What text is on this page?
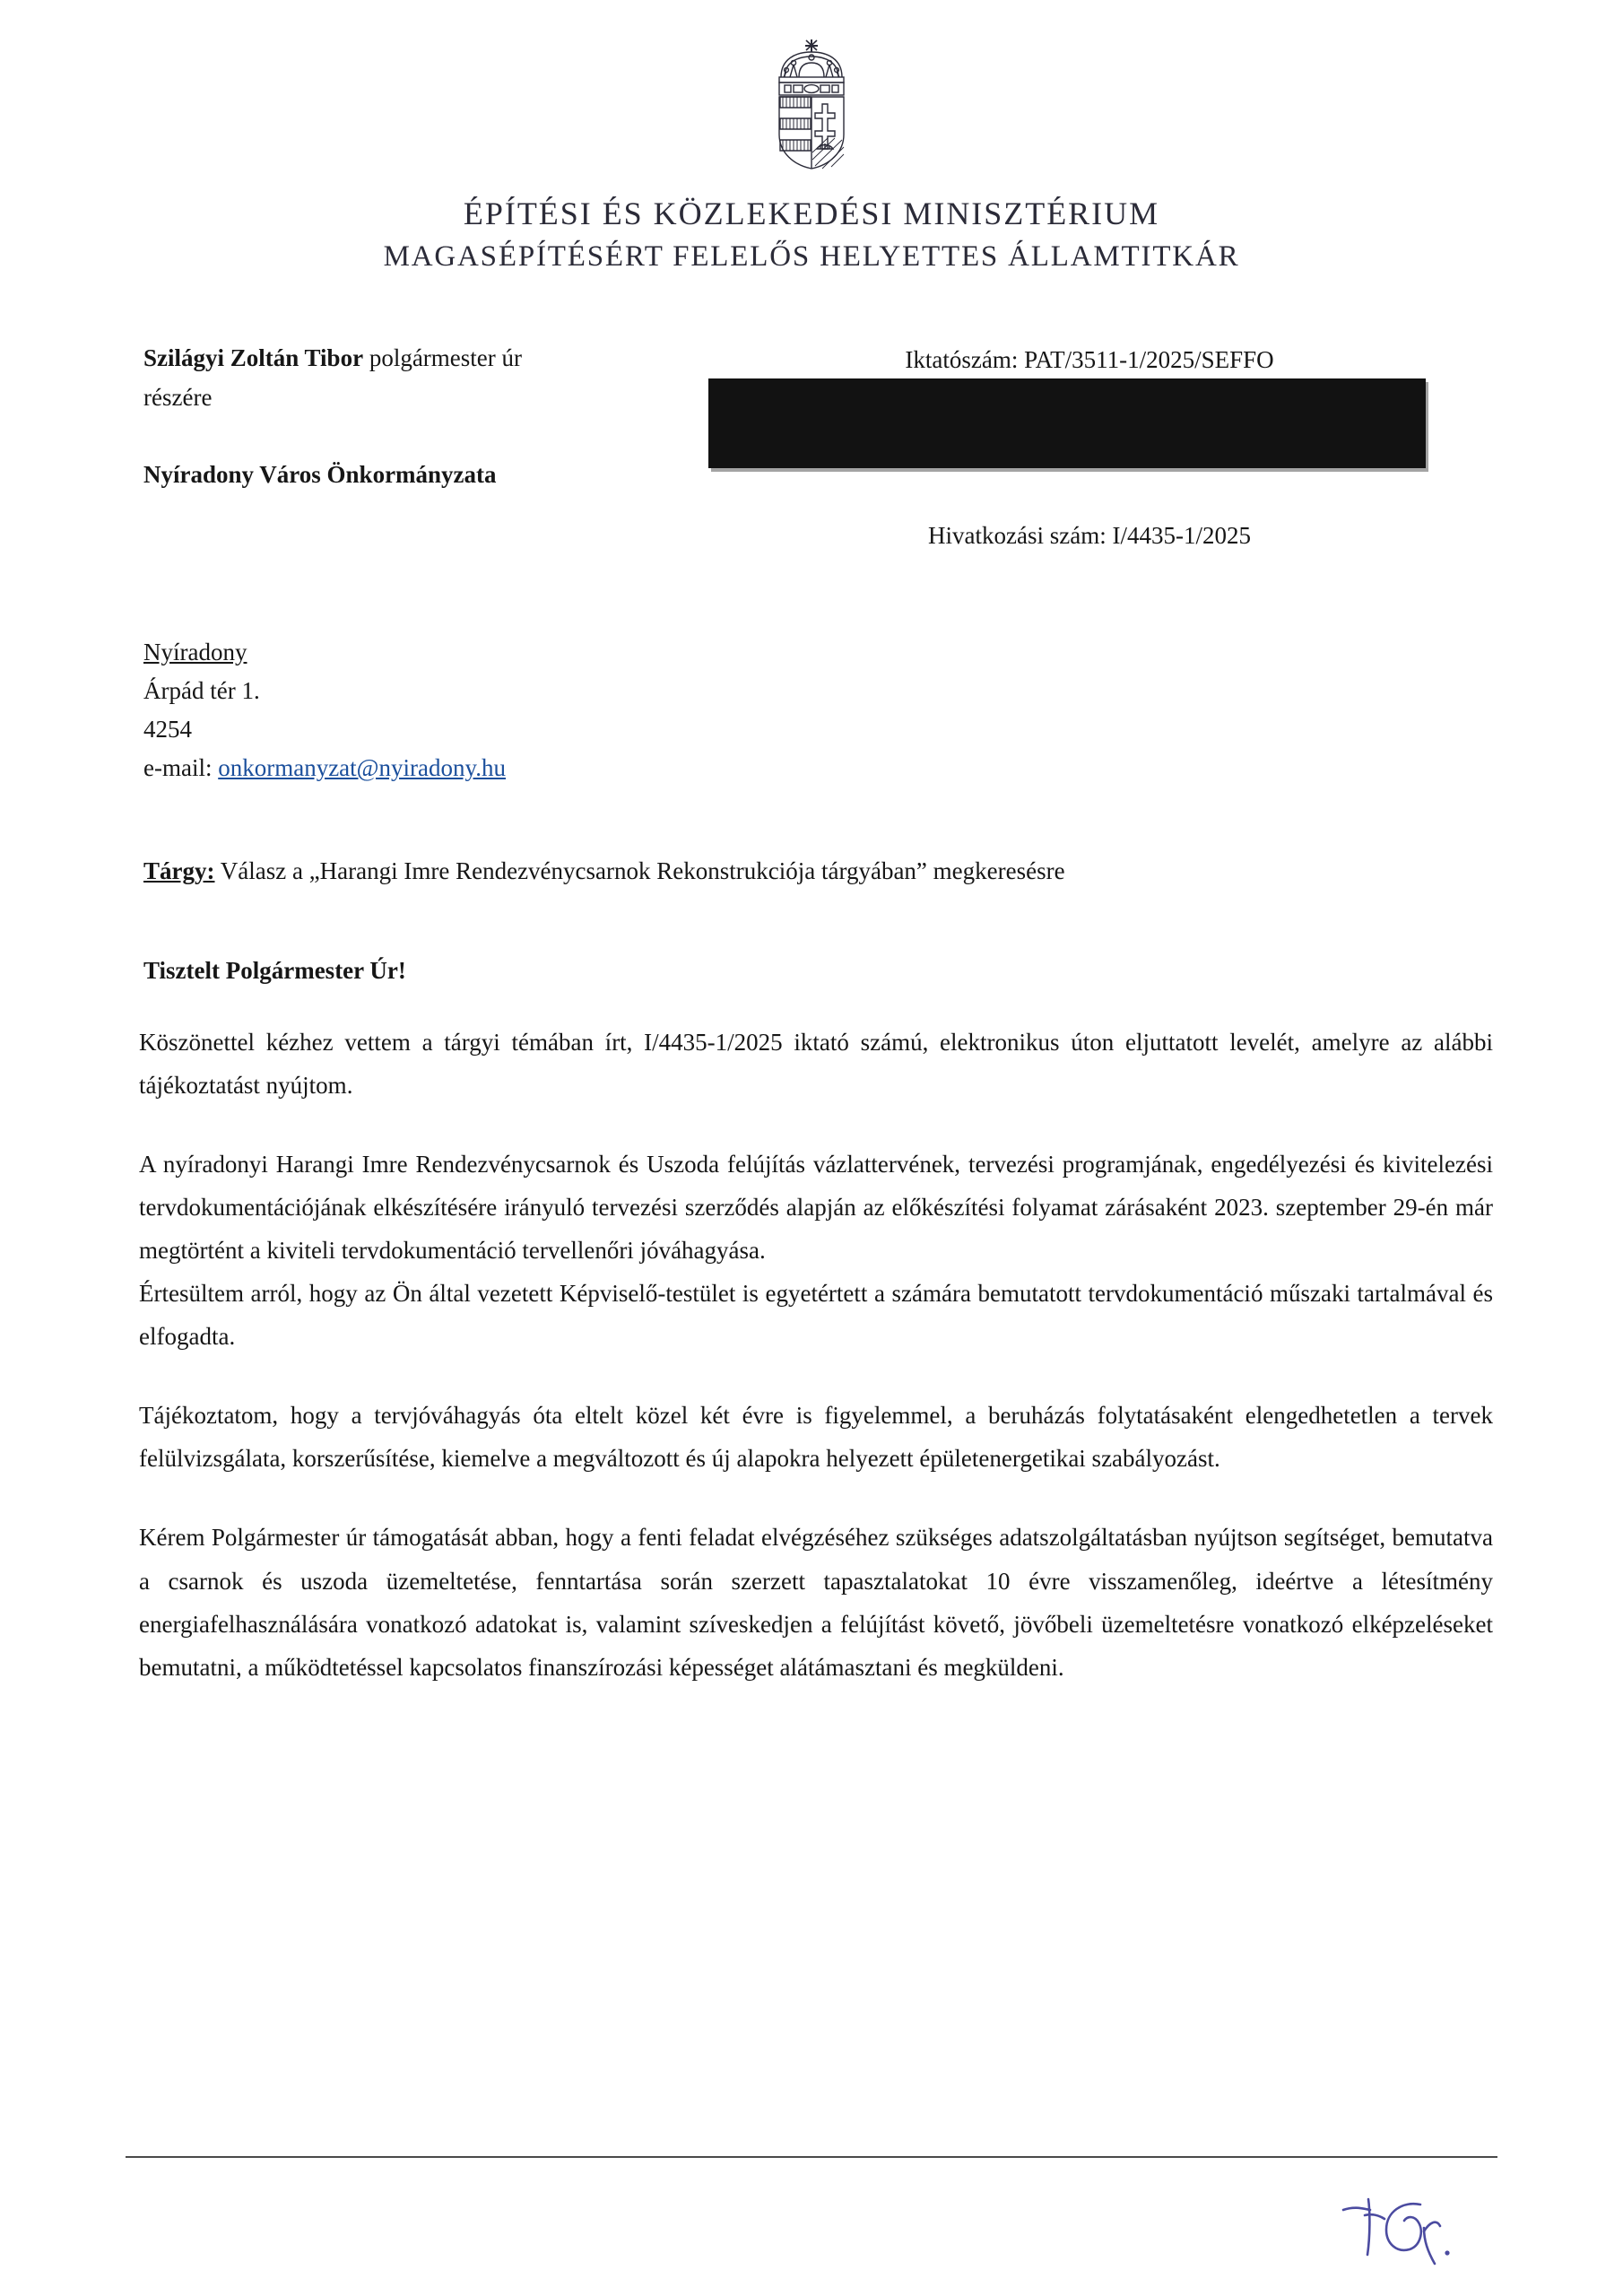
ÉPÍTÉSI ÉS KÖZLEKEDÉSI MINISZTÉRIUM
MAGASÉPÍTÉSÉRT FELELŐS HELYETTES ÁLLAMTITKÁR
Szilágyi Zoltán Tibor polgármester úr
részére
Nyíradony Város Önkormányzata
Iktatószám: PAT/3511-1/2025/SEFFO
Hivatkozási szám: I/4435-1/2025
Nyíradony
Árpád tér 1.
4254
e-mail: onkormanyzat@nyiradony.hu
Tárgy: Válasz a „Harangi Imre Rendezvénycsarnok Rekonstrukciója tárgyában” megkeresésre
Tisztelt Polgármester Úr!

Köszönettel kézhez vettem a tárgyi témában írt, I/4435-1/2025 iktató számú, elektronikus úton eljuttatott levelét, amelyre az alábbi tájékoztatást nyújtom.

A nyíradonyi Harangi Imre Rendezvénycsarnok és Uszoda felújítás vázlattervének, tervezési programjának, engedélyezési és kivitelezési tervdokumentációjának elkészítésére irányuló tervezési szerződés alapján az előkészítési folyamat zárásaként 2023. szeptember 29-én már megtörtént a kiviteli tervdokumentáció tervellenőri jóváhagyása.

Értesültem arról, hogy az Ön által vezetett Képviselő-testület is egyetértett a számára bemutatott tervdokumentáció műszaki tartalmával és elfogadta.

Tájékoztatom, hogy a tervjóváhagyás óta eltelt közel két évre is figyelemmel, a beruházás folytatásaként elengedhetetlen a tervek felülvizsgálata, korszerűsítése, kiemelve a megváltozott és új alapokra helyezett épületenergetikai szabályozást.

Kérem Polgármester úr támogatását abban, hogy a fenti feladat elvégzéséhez szükséges adatszolgáltatásban nyújtson segítséget, bemutatva a csarnok és uszoda üzemeltetése, fenntartása során szerzett tapasztalatokat 10 évre visszamenőleg, ideértve a létesítmény energiafelhasználására vonatkozó adatokat is, valamint szíveskedjen a felújítást követő, jövőbeli üzemeltetésre vonatkozó elképzeléseket bemutatni, a működtetéssel kapcsolatos finanszírozási képességet alátámasztani és megküldeni.
